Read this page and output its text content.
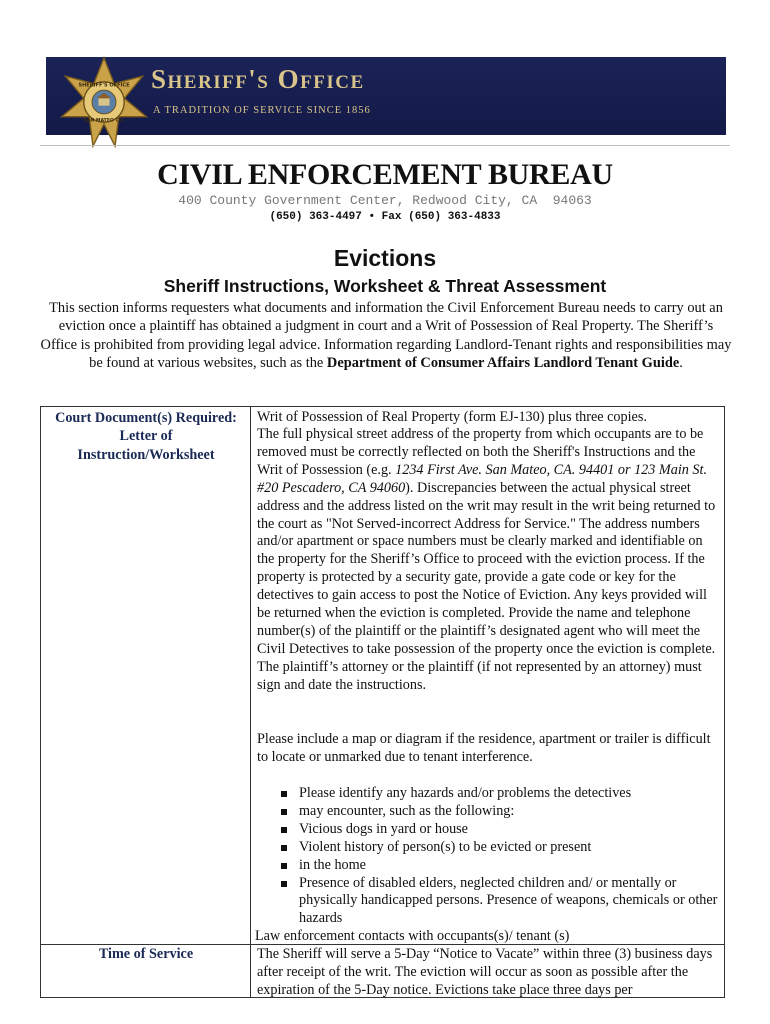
SHERIFF'S OFFICE
SAN MATEO CO.
Sheriff's Office
A TRADITION OF SERVICE SINCE 1856
CIVIL ENFORCEMENT BUREAU
400 County Government Center, Redwood City, CA  94063
(650) 363-4497 • Fax (650) 363-4833
Evictions
Sheriff Instructions, Worksheet & Threat Assessment
This section informs requesters what documents and information the Civil Enforcement Bureau needs to carry out an eviction once a plaintiff has obtained a judgment in court and a Writ of Possession of Real Property. The Sheriff’s Office is prohibited from providing legal advice. Information regarding Landlord-Tenant rights and responsibilities may be found at various websites, such as the Department of Consumer Affairs Landlord Tenant Guide.
Court Document(s) Required:
Letter of
Instruction/Worksheet
Writ of Possession of Real Property (form EJ-130) plus three copies.
The full physical street address of the property from which occupants are to be removed must be correctly reflected on both the Sheriff's Instructions and the Writ of Possession (e.g. 1234 First Ave. San Mateo, CA. 94401 or 123 Main St. #20 Pescadero, CA 94060). Discrepancies between the actual physical street address and the address listed on the writ may result in the writ being returned to the court as "Not Served-incorrect Address for Service." The address numbers and/or apartment or space numbers must be clearly marked and identifiable on the property for the Sheriff’s Office to proceed with the eviction process. If the property is protected by a security gate, provide a gate code or key for the detectives to gain access to post the Notice of Eviction. Any keys provided will be returned when the eviction is completed. Provide the name and telephone number(s) of the plaintiff or the plaintiff’s designated agent who will meet the Civil Detectives to take possession of the property once the eviction is complete. The plaintiff’s attorney or the plaintiff (if not represented by an attorney) must sign and date the instructions.
Please include a map or diagram if the residence, apartment or trailer is difficult to locate or unmarked due to tenant interference.
Please identify any hazards and/or problems the detectives
may encounter, such as the following:
Vicious dogs in yard or house
Violent history of person(s) to be evicted or present
in the home
Presence of disabled elders, neglected children and/ or mentally or physically handicapped persons. Presence of weapons, chemicals or other hazards
Law enforcement contacts with occupants(s)/ tenant (s)
Time of Service	The Sheriff will serve a 5-Day “Notice to Vacate” within three (3) business days after receipt of the writ. The eviction will occur as soon as possible after the expiration of the 5-Day notice. Evictions take place three days per
